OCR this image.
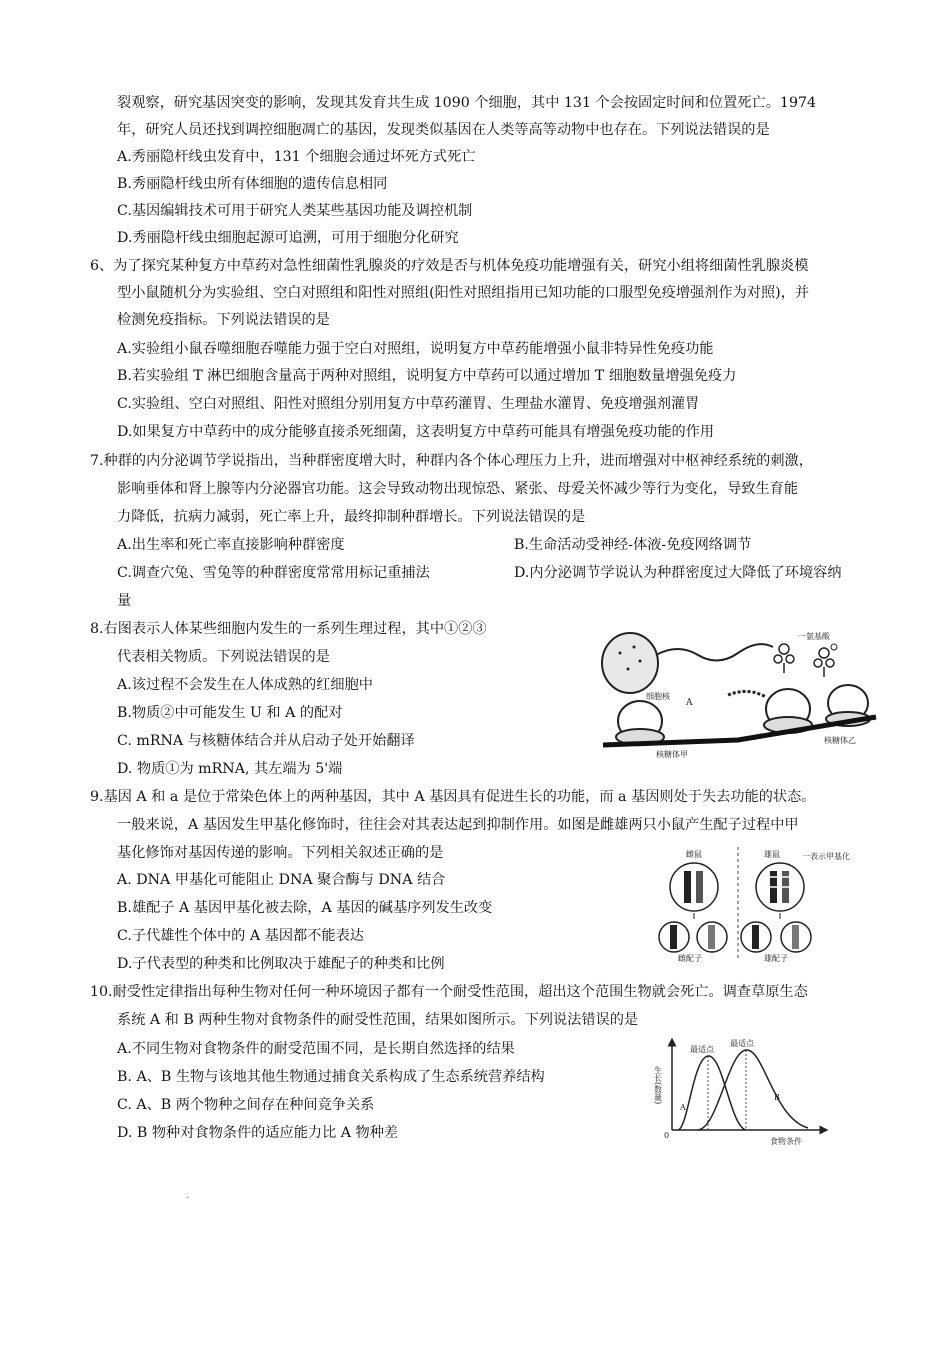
裂观察，研究基因突变的影响，发现其发育共生成 1090 个细胞，其中 131 个会按固定时间和位置死亡。1974
年，研究人员还找到调控细胞凋亡的基因，发现类似基因在人类等高等动物中也存在。下列说法错误的是
A.秀丽隐杆线虫发育中，131 个细胞会通过坏死方式死亡
B.秀丽隐杆线虫所有体细胞的遗传信息相同
C.基因编辑技术可用于研究人类某些基因功能及调控机制
D.秀丽隐杆线虫细胞起源可追溯，可用于细胞分化研究
6、为了探究某种复方中草药对急性细菌性乳腺炎的疗效是否与机体免疫功能增强有关，研究小组将细菌性乳腺炎模
型小鼠随机分为实验组、空白对照组和阳性对照组(阳性对照组指用已知功能的口服型免疫增强剂作为对照)，并
检测免疫指标。下列说法错误的是
A.实验组小鼠吞噬细胞吞噬能力强于空白对照组，说明复方中草药能增强小鼠非特异性免疫功能
B.若实验组 T 淋巴细胞含量高于两种对照组，说明复方中草药可以通过增加 T 细胞数量增强免疫力
C.实验组、空白对照组、阳性对照组分别用复方中草药灌胃、生理盐水灌胃、免疫增强剂灌胃
D.如果复方中草药中的成分能够直接杀死细菌，这表明复方中草药可能具有增强免疫功能的作用
7.种群的内分泌调节学说指出，当种群密度增大时，种群内各个体心理压力上升，进而增强对中枢神经系统的刺激，
影响垂体和肾上腺等内分泌器官功能。这会导致动物出现惊恐、紧张、母爱关怀减少等行为变化，导致生育能
力降低，抗病力减弱，死亡率上升，最终抑制种群增长。下列说法错误的是
A.出生率和死亡率直接影响种群密度	B.生命活动受神经-体液-免疫网络调节
C.调查穴兔、雪兔等的种群密度常常用标记重捕法	D.内分泌调节学说认为种群密度过大降低了环境容纳
量
8.右图表示人体某些细胞内发生的一系列生理过程，其中①②③
代表相关物质。下列说法错误的是
A.该过程不会发生在人体成熟的红细胞中
B.物质②中可能发生 U 和 A 的配对
C. mRNA 与核糖体结合并从启动子处开始翻译
D. 物质①为 mRNA, 其左端为 5'端
细胞核
一氨基酸
A
核糖体甲
核糖体乙
9.基因 A 和 a 是位于常染色体上的两种基因，其中 A 基因具有促进生长的功能，而 a 基因则处于失去功能的状态。
一般来说，A 基因发生甲基化修饰时，往往会对其表达起到抑制作用。如图是雌雄两只小鼠产生配子过程中甲
基化修饰对基因传递的影响。下列相关叙述正确的是
A. DNA 甲基化可能阻止 DNA 聚合酶与 DNA 结合
B.雄配子 A 基因甲基化被去除，A 基因的碱基序列发生改变
C.子代雄性个体中的 A 基因都不能表达
D.子代表型的种类和比例取决于雄配子的种类和比例
雌鼠	雄鼠	一表示甲基化
雌配子	雄配子
10.耐受性定律指出每种生物对任何一种环境因子都有一个耐受性范围，超出这个范围生物就会死亡。调查草原生态
系统 A 和 B 两种生物对食物条件的耐受性范围，结果如图所示。下列说法错误的是
A.不同生物对食物条件的耐受范围不同，是长期自然选择的结果
B. A、B 生物与该地其他生物通过捕食关系构成了生态系统营养结构
C. A、B 两个物种之间存在种间竞争关系
D. B 物种对食物条件的适应能力比 A 物种差
生长(数量)
0
食物条件
A
B
最适点
最适点
.
